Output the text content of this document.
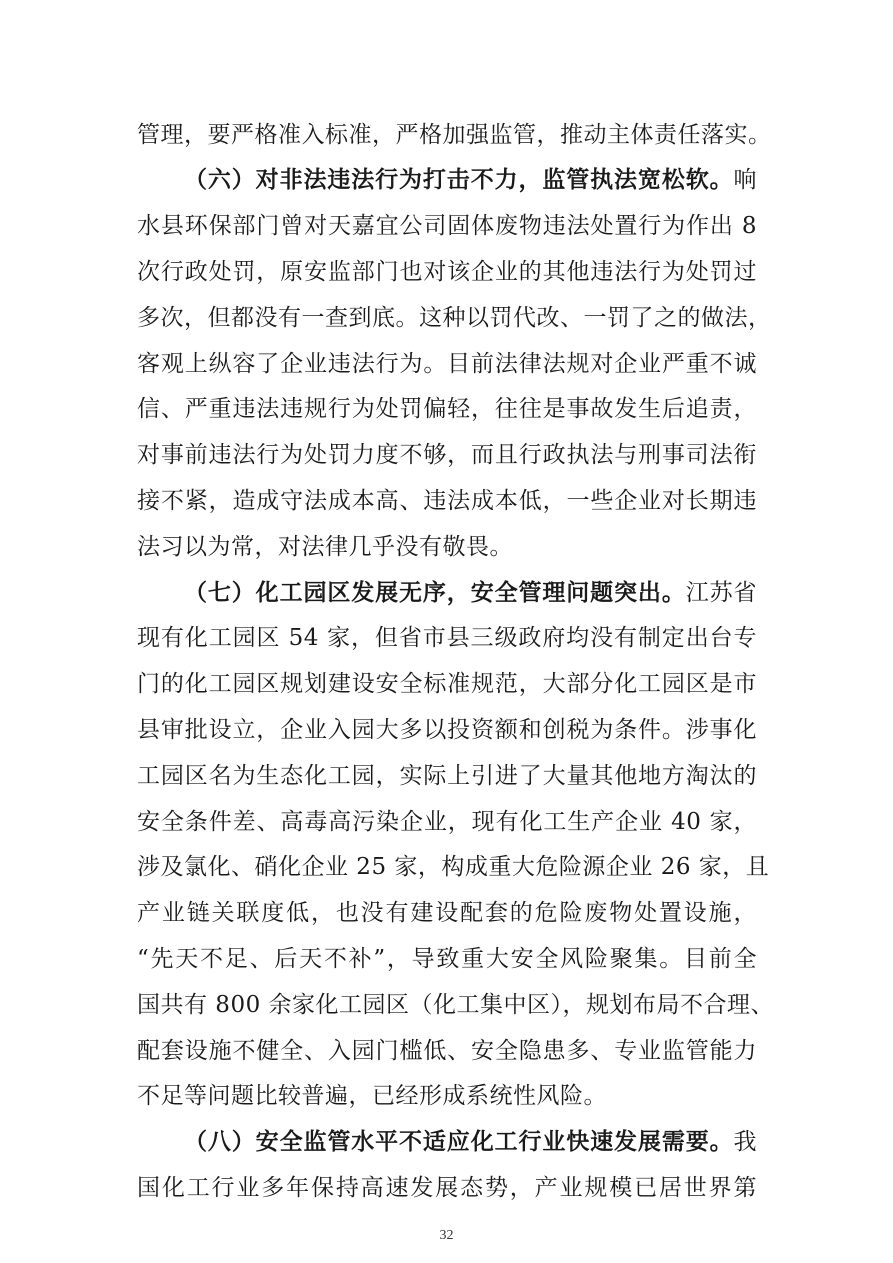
管理，要严格准入标准，严格加强监管，推动主体责任落实。
（六）对非法违法行为打击不力，监管执法宽松软。响
水县环保部门曾对天嘉宜公司固体废物违法处置行为作出 8
次行政处罚，原安监部门也对该企业的其他违法行为处罚过
多次，但都没有一查到底。这种以罚代改、一罚了之的做法，
客观上纵容了企业违法行为。目前法律法规对企业严重不诚
信、严重违法违规行为处罚偏轻，往往是事故发生后追责，
对事前违法行为处罚力度不够，而且行政执法与刑事司法衔
接不紧，造成守法成本高、违法成本低，一些企业对长期违
法习以为常，对法律几乎没有敬畏。
（七）化工园区发展无序，安全管理问题突出。江苏省
现有化工园区 54 家，但省市县三级政府均没有制定出台专
门的化工园区规划建设安全标准规范，大部分化工园区是市
县审批设立，企业入园大多以投资额和创税为条件。涉事化
工园区名为生态化工园，实际上引进了大量其他地方淘汰的
安全条件差、高毒高污染企业，现有化工生产企业 40 家，
涉及氯化、硝化企业 25 家，构成重大危险源企业 26 家，且
产业链关联度低，也没有建设配套的危险废物处置设施，
“先天不足、后天不补”，导致重大安全风险聚集。目前全
国共有 800 余家化工园区（化工集中区），规划布局不合理、
配套设施不健全、入园门槛低、安全隐患多、专业监管能力
不足等问题比较普遍，已经形成系统性风险。
（八）安全监管水平不适应化工行业快速发展需要。我
国化工行业多年保持高速发展态势，产业规模已居世界第
32
